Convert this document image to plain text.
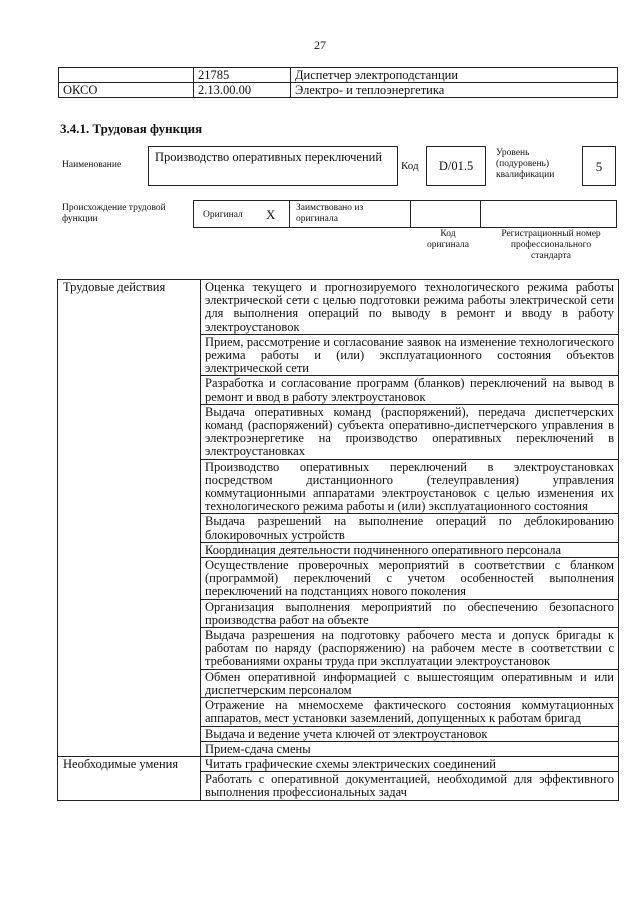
27
	21785	Диспетчер электроподстанции
ОКСО	2.13.00.00	Электро- и теплоэнергетика
3.4.1. Трудовая функция
Наименование
Производство оперативных переключений
Код	D/01.5
Уровень
(подуровень)
квалификации
5
Происхождение трудовой
функции	Оригинал X Заимствовано из
оригинала
Код
оригинала
Регистрационный номер
профессионального
стандарта
Трудовые действия	Оценка текущего и прогнозируемого технологического режима работы электрической сети с целью подготовки режима работы электрической сети для выполнения операций по выводу в ремонт и вводу в работу электроустановок
	Прием, рассмотрение и согласование заявок на изменение технологического режима работы и (или) эксплуатационного состояния объектов электрической сети
	Разработка и согласование программ (бланков) переключений на вывод в ремонт и ввод в работу электроустановок
	Выдача оперативных команд (распоряжений), передача диспетчерских команд (распоряжений) субъекта оперативно-диспетчерского управления в электроэнергетике на производство оперативных переключений в электроустановках
	Производство оперативных переключений в электроустановках посредством дистанционного (телеуправления) управления коммутационными аппаратами электроустановок с целью изменения их технологического режима работы и (или) эксплуатационного состояния
	Выдача разрешений на выполнение операций по деблокированию блокировочных устройств
	Координация деятельности подчиненного оперативного персонала
	Осуществление проверочных мероприятий в соответствии с бланком (программой) переключений с учетом особенностей выполнения переключений на подстанциях нового поколения
	Организация выполнения мероприятий по обеспечению безопасного производства работ на объекте
	Выдача разрешения на подготовку рабочего места и допуск бригады к работам по наряду (распоряжению) на рабочем месте в соответствии с требованиями охраны труда при эксплуатации электроустановок
	Обмен оперативной информацией с вышестоящим оперативным и или диспетчерским персоналом
	Отражение на мнемосхеме фактического состояния коммутационных аппаратов, мест установки заземлений, допущенных к работам бригад
	Выдача и ведение учета ключей от электроустановок
	Прием-сдача смены
Необходимые умения	Читать графические схемы электрических соединений
	Работать с оперативной документацией, необходимой для эффективного выполнения профессиональных задач
